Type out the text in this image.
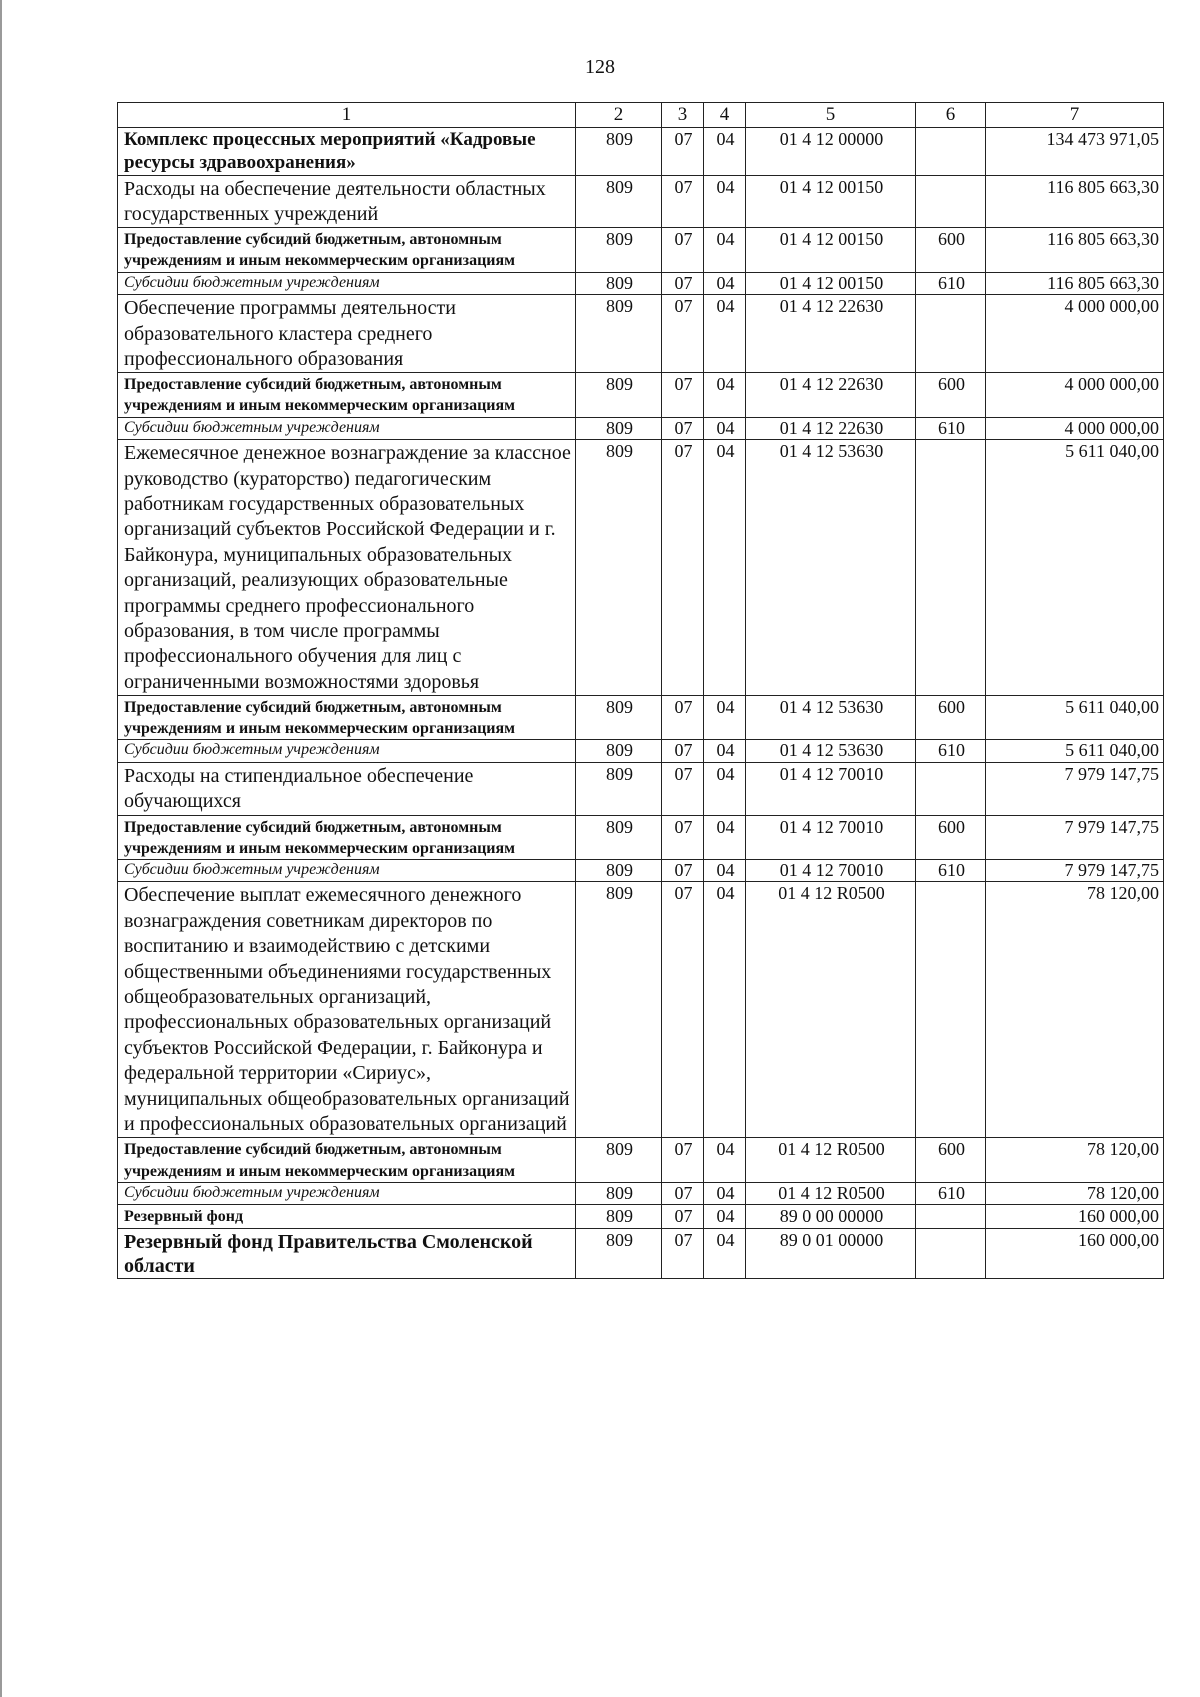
128
1	2	3	4	5	6	7
Комплекс процессных мероприятий «Кадровые ресурсы здравоохранения»	809	07	04	01 4 12 00000		134 473 971,05
Расходы на обеспечение деятельности областных государственных учреждений	809	07	04	01 4 12 00150		116 805 663,30
Предоставление субсидий бюджетным, автономным учреждениям и иным некоммерческим организациям	809	07	04	01 4 12 00150	600	116 805 663,30
Субсидии бюджетным учреждениям	809	07	04	01 4 12 00150	610	116 805 663,30
Обеспечение программы деятельности образовательного кластера среднего профессионального образования	809	07	04	01 4 12 22630		4 000 000,00
Предоставление субсидий бюджетным, автономным учреждениям и иным некоммерческим организациям	809	07	04	01 4 12 22630	600	4 000 000,00
Субсидии бюджетным учреждениям	809	07	04	01 4 12 22630	610	4 000 000,00
Ежемесячное денежное вознаграждение за классное руководство (кураторство) педагогическим работникам государственных образовательных организаций субъектов Российской Федерации и г. Байконура, муниципальных образовательных организаций, реализующих образовательные программы среднего профессионального образования, в том числе программы профессионального обучения для лиц с ограниченными возможностями здоровья	809	07	04	01 4 12 53630		5 611 040,00
Предоставление субсидий бюджетным, автономным учреждениям и иным некоммерческим организациям	809	07	04	01 4 12 53630	600	5 611 040,00
Субсидии бюджетным учреждениям	809	07	04	01 4 12 53630	610	5 611 040,00
Расходы на стипендиальное обеспечение обучающихся	809	07	04	01 4 12 70010		7 979 147,75
Предоставление субсидий бюджетным, автономным учреждениям и иным некоммерческим организациям	809	07	04	01 4 12 70010	600	7 979 147,75
Субсидии бюджетным учреждениям	809	07	04	01 4 12 70010	610	7 979 147,75
Обеспечение выплат ежемесячного денежного вознаграждения советникам директоров по воспитанию и взаимодействию с детскими общественными объединениями государственных общеобразовательных организаций, профессиональных образовательных организаций субъектов Российской Федерации, г. Байконура и федеральной территории «Сириус», муниципальных общеобразовательных организаций и профессиональных образовательных организаций	809	07	04	01 4 12 R0500		78 120,00
Предоставление субсидий бюджетным, автономным учреждениям и иным некоммерческим организациям	809	07	04	01 4 12 R0500	600	78 120,00
Субсидии бюджетным учреждениям	809	07	04	01 4 12 R0500	610	78 120,00
Резервный фонд	809	07	04	89 0 00 00000		160 000,00
Резервный фонд Правительства Смоленской области	809	07	04	89 0 01 00000		160 000,00
